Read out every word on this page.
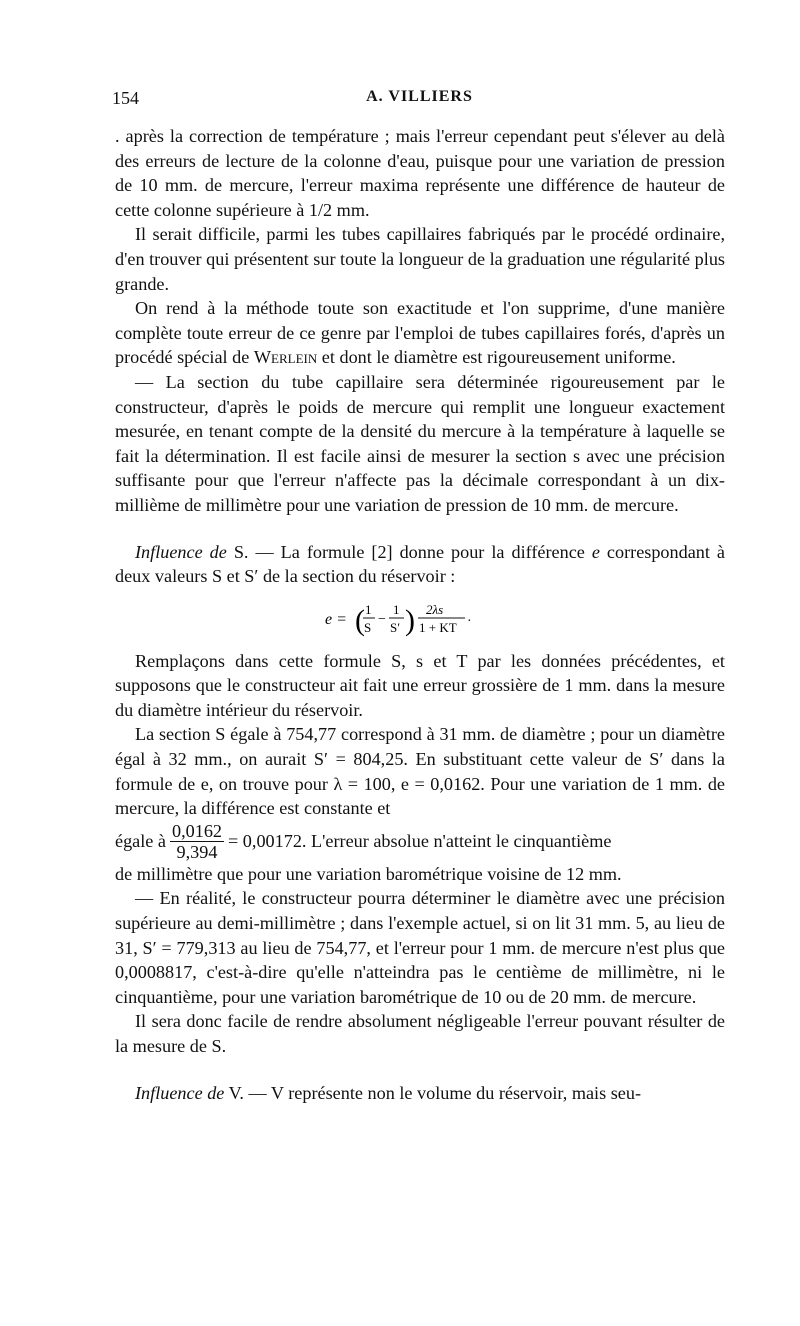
154	A. VILLIERS

. après la correction de température ; mais l'erreur cependant peut s'élever au delà des erreurs de lecture de la colonne d'eau, puisque pour une variation de pression de 10 mm. de mercure, l'erreur maxima représente une différence de hauteur de cette colonne supérieure à 1/2 mm.

Il serait difficile, parmi les tubes capillaires fabriqués par le procédé ordinaire, d'en trouver qui présentent sur toute la longueur de la graduation une régularité plus grande.

On rend à la méthode toute son exactitude et l'on supprime, d'une manière complète toute erreur de ce genre par l'emploi de tubes capillaires forés, d'après un procédé spécial de Werlein et dont le diamètre est rigoureusement uniforme.

— La section du tube capillaire sera déterminée rigoureusement par le constructeur, d'après le poids de mercure qui remplit une longueur exactement mesurée, en tenant compte de la densité du mercure à la température à laquelle se fait la détermination. Il est facile ainsi de mesurer la section s avec une précision suffisante pour que l'erreur n'affecte pas la décimale correspondant à un dix-millième de millimètre pour une variation de pression de 10 mm. de mercure.

Influence de S. — La formule [2] donne pour la différence e correspondant à deux valeurs S et S′ de la section du réservoir :

e = ( 1
S
−
1
S′ ) 2λs
1 + KT ·

Remplaçons dans cette formule S, s et T par les données précédentes, et supposons que le constructeur ait fait une erreur grossière de 1 mm. dans la mesure du diamètre intérieur du réservoir.

La section S égale à 754,77 correspond à 31 mm. de diamètre ; pour un diamètre égal à 32 mm., on aurait S′ = 804,25. En substituant cette valeur de S′ dans la formule de e, on trouve pour λ = 100, e = 0,0162. Pour une variation de 1 mm. de mercure, la différence est constante et

égale à $\frac{0,0162}{9,394} = 0,00172$. L'erreur absolue n'atteint le cinquantième

de millimètre que pour une variation barométrique voisine de 12 mm.

— En réalité, le constructeur pourra déterminer le diamètre avec une précision supérieure au demi-millimètre ; dans l'exemple actuel, si on lit 31 mm. 5, au lieu de 31, S′ = 779,313 au lieu de 754,77, et l'erreur pour 1 mm. de mercure n'est plus que 0,0008817, c'est-à-dire qu'elle n'atteindra pas le centième de millimètre, ni le cinquantième, pour une variation barométrique de 10 ou de 20 mm. de mercure.

Il sera donc facile de rendre absolument négligeable l'erreur pouvant résulter de la mesure de S.

Influence de V. — V représente non le volume du réservoir, mais seu-
